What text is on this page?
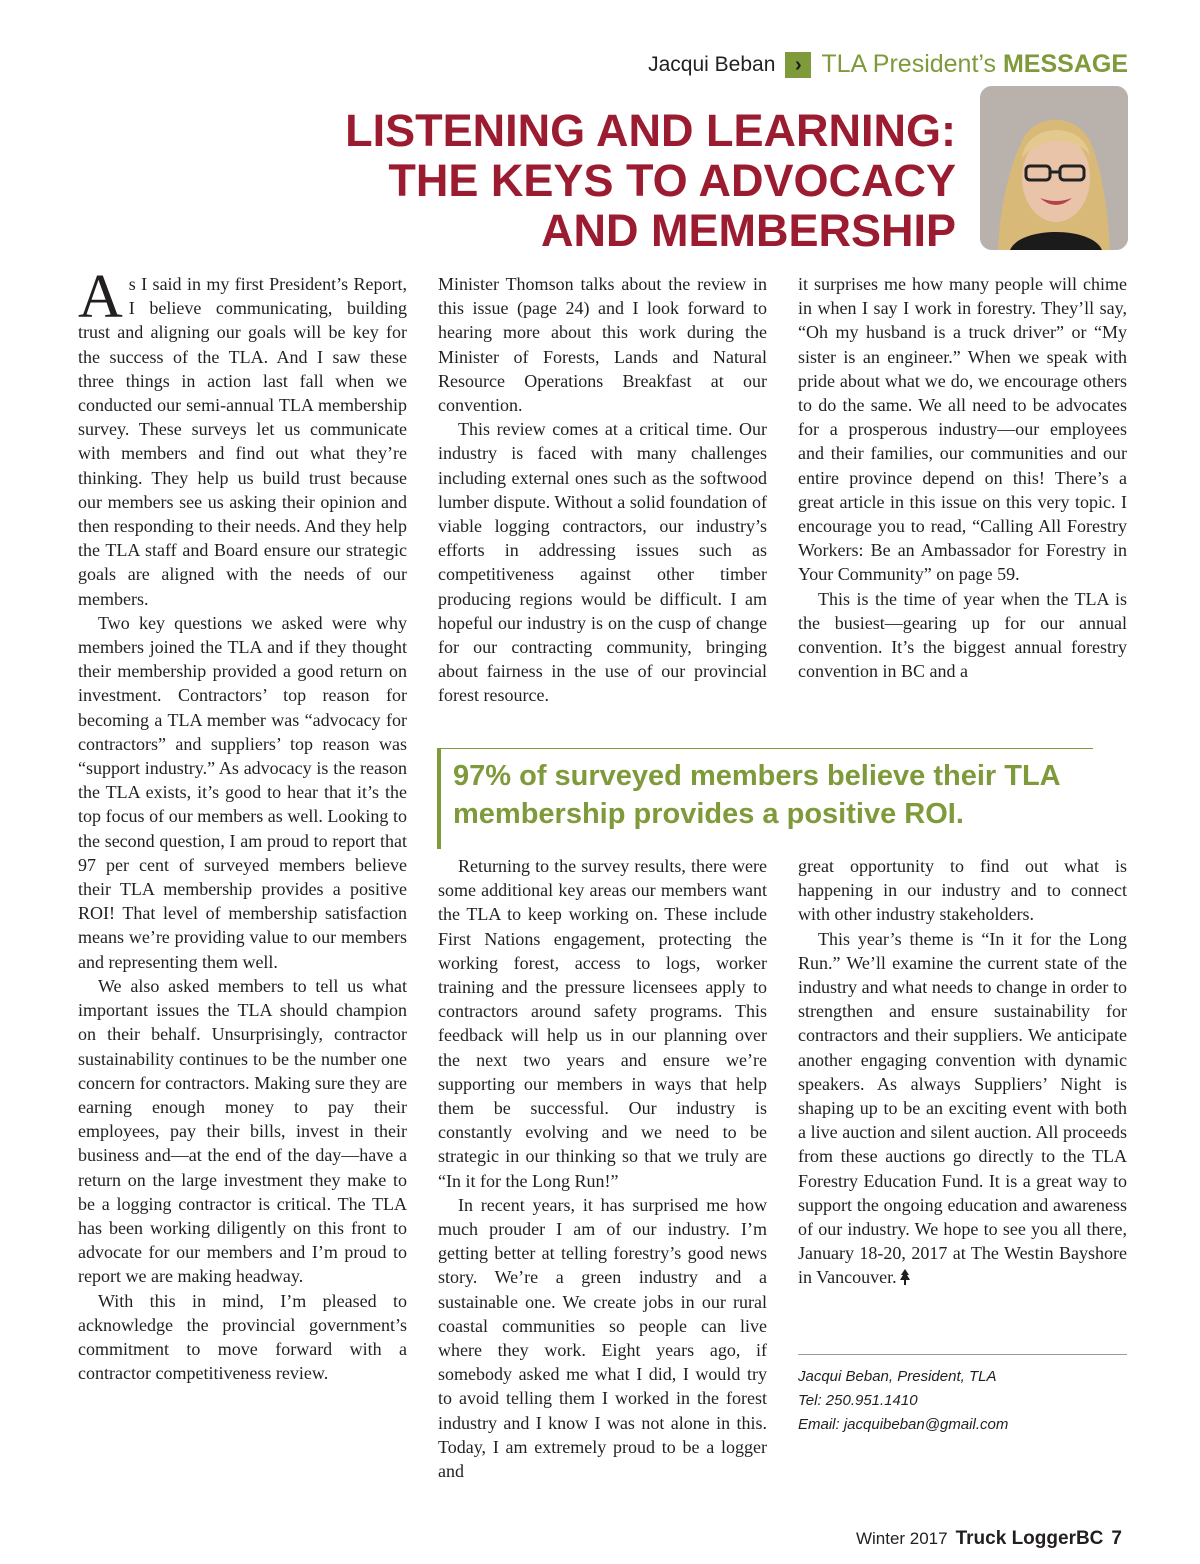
Jacqui Beban › TLA President’s MESSAGE
LISTENING AND LEARNING:
THE KEYS TO ADVOCACY
AND MEMBERSHIP

As I said in my first President’s Report, I believe communicating, building trust and aligning our goals will be key for the success of the TLA. And I saw these three things in action last fall when we conducted our semi-annual TLA membership survey. These surveys let us communicate with members and find out what they’re thinking. They help us build trust because our members see us asking their opinion and then responding to their needs. And they help the TLA staff and Board ensure our strategic goals are aligned with the needs of our members.

Two key questions we asked were why members joined the TLA and if they thought their membership provided a good return on investment. Contractors’ top reason for becoming a TLA member was “advocacy for contractors” and suppliers’ top reason was “support industry.” As advocacy is the reason the TLA exists, it’s good to hear that it’s the top focus of our members as well. Looking to the second question, I am proud to report that 97 per cent of surveyed members believe their TLA membership provides a positive ROI! That level of membership satisfaction means we’re providing value to our members and representing them well.

We also asked members to tell us what important issues the TLA should champion on their behalf. Unsurprisingly, contractor sustainability continues to be the number one concern for contractors. Making sure they are earning enough money to pay their employees, pay their bills, invest in their business and—at the end of the day—have a return on the large investment they make to be a logging contractor is critical. The TLA has been working diligently on this front to advocate for our members and I’m proud to report we are making headway.

With this in mind, I’m pleased to acknowledge the provincial government’s commitment to move forward with a contractor competitiveness review.

Minister Thomson talks about the review in this issue (page 24) and I look forward to hearing more about this work during the Minister of Forests, Lands and Natural Resource Operations Breakfast at our convention.

This review comes at a critical time. Our industry is faced with many challenges including external ones such as the softwood lumber dispute. Without a solid foundation of viable logging contractors, our industry’s efforts in addressing issues such as competitiveness against other timber producing regions would be difficult. I am hopeful our industry is on the cusp of change for our contracting community, bringing about fairness in the use of our provincial forest resource.

it surprises me how many people will chime in when I say I work in forestry. They’ll say, “Oh my husband is a truck driver” or “My sister is an engineer.” When we speak with pride about what we do, we encourage others to do the same. We all need to be advocates for a prosperous industry—our employees and their families, our communities and our entire province depend on this! There’s a great article in this issue on this very topic. I encourage you to read, “Calling All Forestry Workers: Be an Ambassador for Forestry in Your Community” on page 59.

This is the time of year when the TLA is the busiest—gearing up for our annual convention. It’s the biggest annual forestry convention in BC and a

97% of surveyed members believe their TLA
membership provides a positive ROI.

Returning to the survey results, there were some additional key areas our members want the TLA to keep working on. These include First Nations engagement, protecting the working forest, access to logs, worker training and the pressure licensees apply to contractors around safety programs. This feedback will help us in our planning over the next two years and ensure we’re supporting our members in ways that help them be successful. Our industry is constantly evolving and we need to be strategic in our thinking so that we truly are “In it for the Long Run!”

In recent years, it has surprised me how much prouder I am of our industry. I’m getting better at telling forestry’s good news story. We’re a green industry and a sustainable one. We create jobs in our rural coastal communities so people can live where they work. Eight years ago, if somebody asked me what I did, I would try to avoid telling them I worked in the forest industry and I know I was not alone in this. Today, I am extremely proud to be a logger and

great opportunity to find out what is happening in our industry and to connect with other industry stakeholders.

This year’s theme is “In it for the Long Run.” We’ll examine the current state of the industry and what needs to change in order to strengthen and ensure sustainability for contractors and their suppliers. We anticipate another engaging convention with dynamic speakers. As always Suppliers’ Night is shaping up to be an exciting event with both a live auction and silent auction. All proceeds from these auctions go directly to the TLA Forestry Education Fund. It is a great way to support the ongoing education and awareness of our industry. We hope to see you all there, January 18-20, 2017 at The Westin Bayshore in Vancouver.

Jacqui Beban, President, TLA
Tel: 250.951.1410
Email: jacquibeban@gmail.com
Winter 2017 Truck LoggerBC 7
